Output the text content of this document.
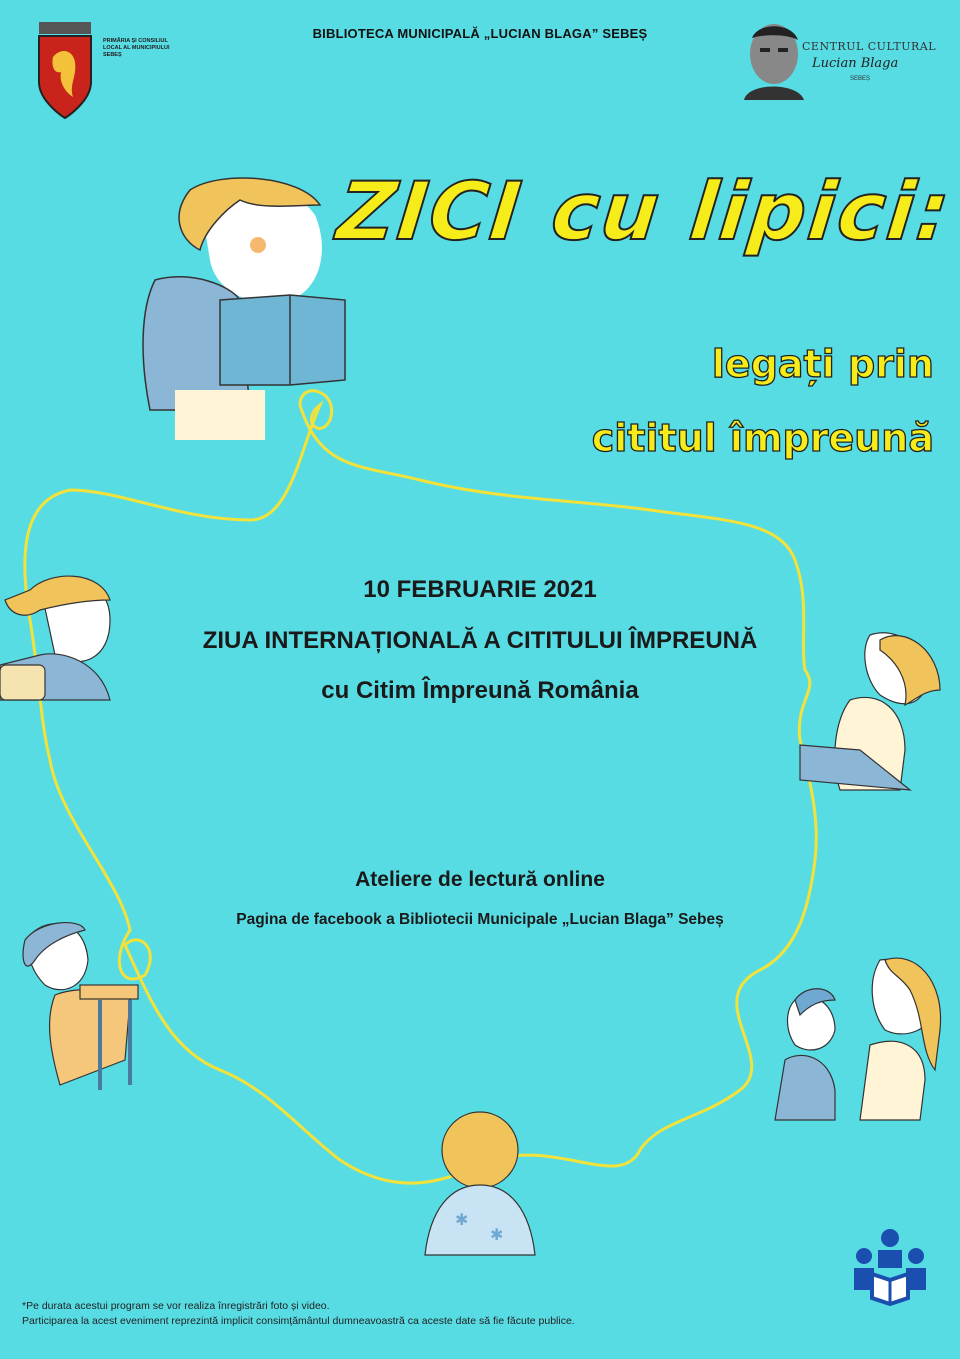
✱
✱
PRIMĂRIA ȘI CONSILIUL
LOCAL AL MUNICIPIULUI
SEBEȘ
BIBLIOTECA MUNICIPALĂ „LUCIAN BLAGA” SEBEȘ
CENTRUL CULTURAL
Lucian Blaga
SEBEȘ
ZICI cu lipici:
legați prin
cititul împreună
10 FEBRUARIE 2021
ZIUA INTERNAȚIONALĂ A CITITULUI ÎMPREUNĂ
cu Citim Împreună România
Ateliere de lectură online
Pagina de facebook a Bibliotecii Municipale „Lucian Blaga” Sebeș
*Pe durata acestui program se vor realiza înregistrări foto și video.
Participarea la acest eveniment reprezintă implicit consimțământul dumneavoastră ca aceste date să fie făcute publice.
